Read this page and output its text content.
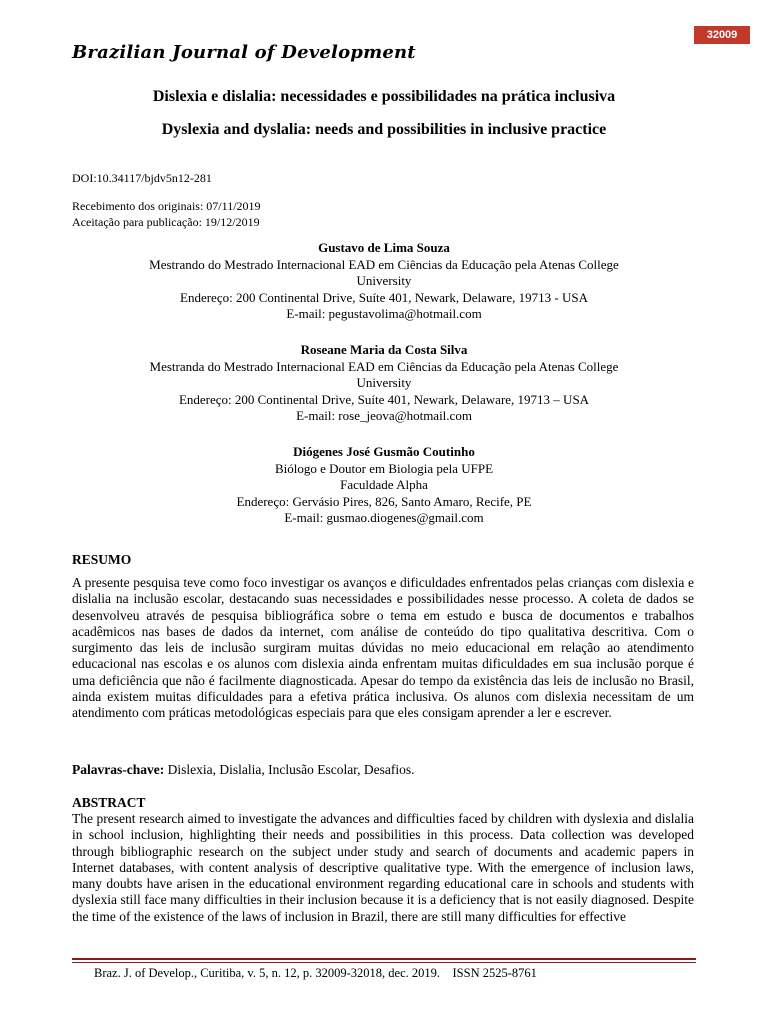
32009
Brazilian Journal of Development
Dislexia e dislalia: necessidades e possibilidades na prática inclusiva
Dyslexia and dyslalia: needs and possibilities in inclusive practice
DOI:10.34117/bjdv5n12-281
Recebimento dos originais: 07/11/2019
Aceitação para publicação: 19/12/2019
Gustavo de Lima Souza
Mestrando do Mestrado Internacional EAD em Ciências da Educação pela Atenas College
University
Endereço: 200 Continental Drive, Suíte 401, Newark, Delaware, 19713 - USA
E-mail: pegustavolima@hotmail.com
Roseane Maria da Costa Silva
Mestranda do Mestrado Internacional EAD em Ciências da Educação pela Atenas College
University
Endereço: 200 Continental Drive, Suíte 401, Newark, Delaware, 19713 – USA
E-mail: rose_jeova@hotmail.com
Diógenes José Gusmão Coutinho
Biólogo e Doutor em Biologia pela UFPE
Faculdade Alpha
Endereço: Gervásio Pires, 826, Santo Amaro, Recife, PE
E-mail: gusmao.diogenes@gmail.com
RESUMO
A presente pesquisa teve como foco investigar os avanços e dificuldades enfrentados pelas crianças com dislexia e dislalia na inclusão escolar, destacando suas necessidades e possibilidades nesse processo. A coleta de dados se desenvolveu através de pesquisa bibliográfica sobre o tema em estudo e busca de documentos e trabalhos acadêmicos nas bases de dados da internet, com análise de conteúdo do tipo qualitativa descritiva. Com o surgimento das leis de inclusão surgiram muitas dúvidas no meio educacional em relação ao atendimento educacional nas escolas e os alunos com dislexia ainda enfrentam muitas dificuldades em sua inclusão porque é uma deficiência que não é facilmente diagnosticada. Apesar do tempo da existência das leis de inclusão no Brasil, ainda existem muitas dificuldades para a efetiva prática inclusiva. Os alunos com dislexia necessitam de um atendimento com práticas metodológicas especiais para que eles consigam aprender a ler e escrever.
Palavras-chave: Dislexia, Dislalia, Inclusão Escolar, Desafios.
ABSTRACT
The present research aimed to investigate the advances and difficulties faced by children with dyslexia and dislalia in school inclusion, highlighting their needs and possibilities in this process. Data collection was developed through bibliographic research on the subject under study and search of documents and academic papers in Internet databases, with content analysis of descriptive qualitative type. With the emergence of inclusion laws, many doubts have arisen in the educational environment regarding educational care in schools and students with dyslexia still face many difficulties in their inclusion because it is a deficiency that is not easily diagnosed. Despite the time of the existence of the laws of inclusion in Brazil, there are still many difficulties for effective
Braz. J. of Develop., Curitiba, v. 5, n. 12, p. 32009-32018, dec. 2019.    ISSN 2525-8761
